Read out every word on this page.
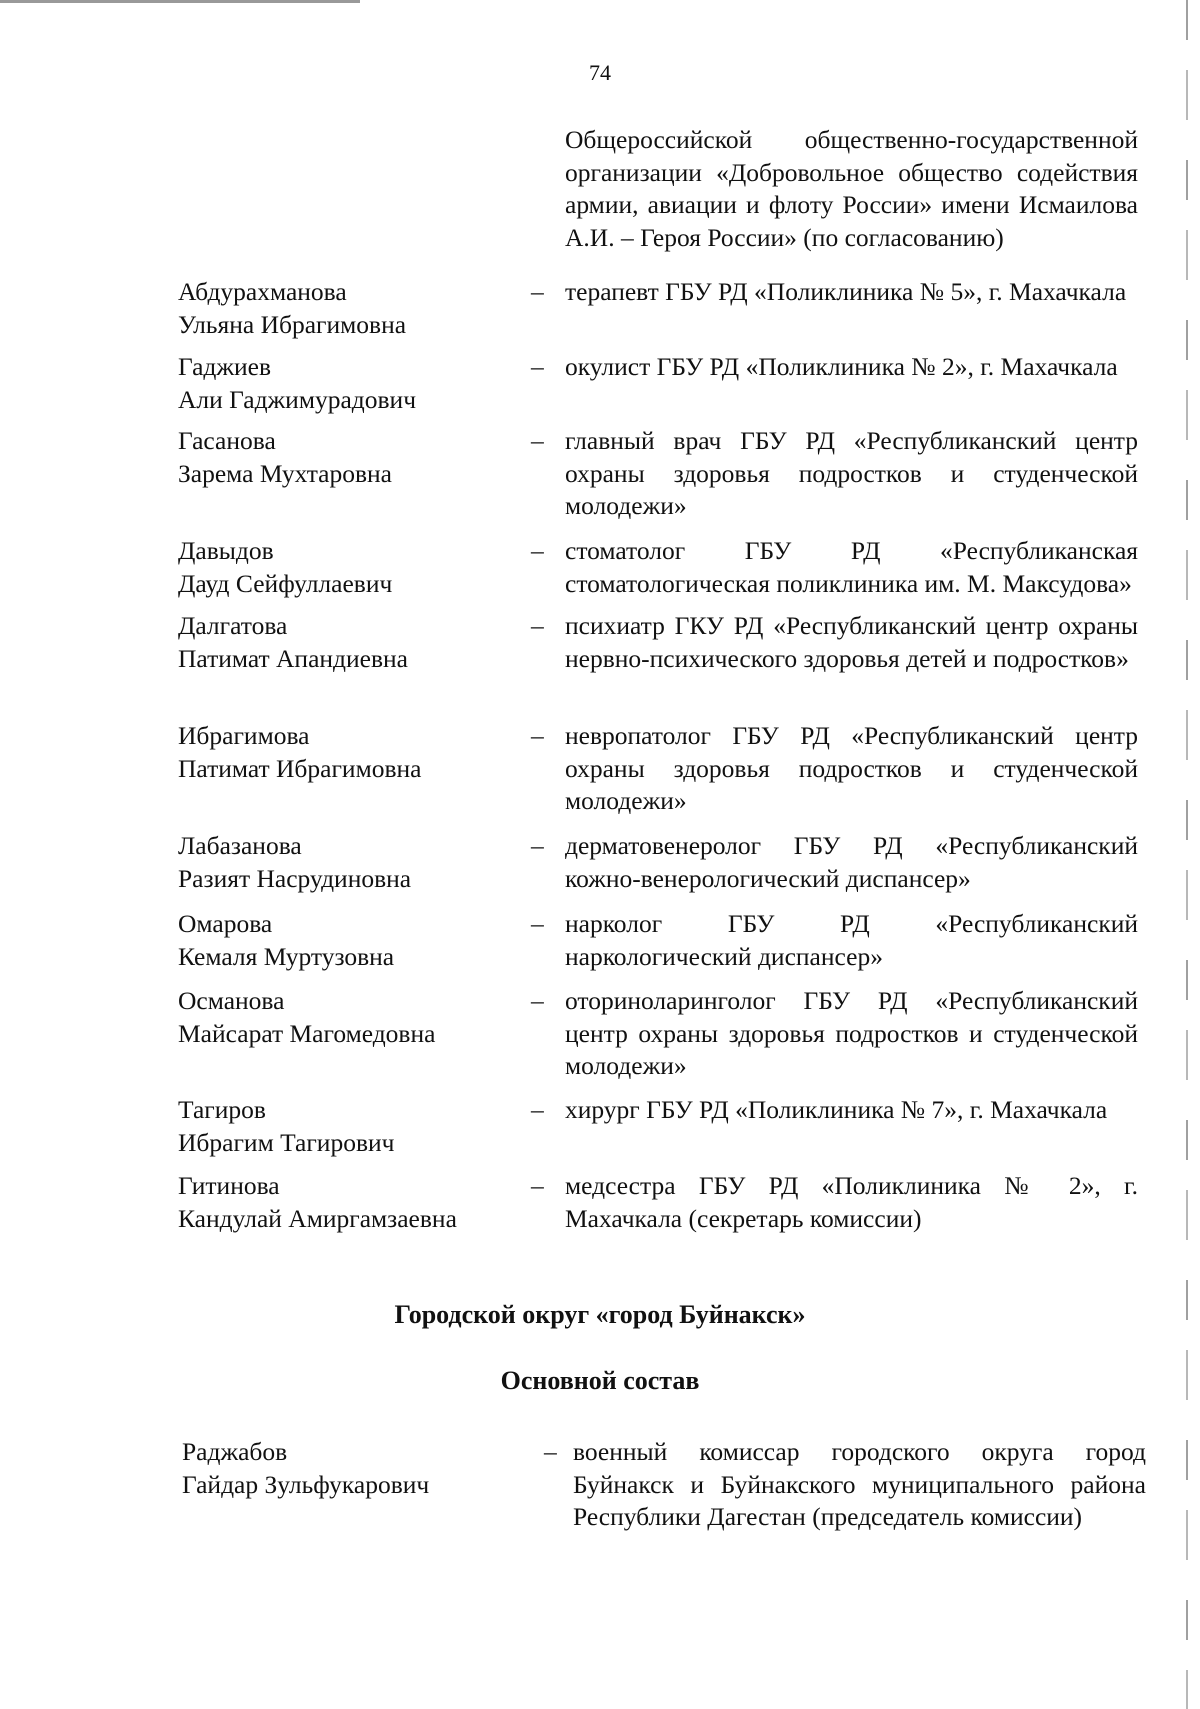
74
Общероссийской общественно-государственной организации «Добровольное общество содействия армии, авиации и флоту России» имени Исмаилова А.И. – Героя России» (по согласованию)
Абдурахманова
Ульяна Ибрагимовна
– терапевт ГБУ РД «Поликлиника № 5», г. Махачкала
Гаджиев
Али Гаджимурадович
– окулист ГБУ РД «Поликлиника № 2», г. Махачкала
Гасанова
Зарема Мухтаровна
– главный врач ГБУ РД «Республиканский центр охраны здоровья подростков и студенческой молодежи»
Давыдов
Дауд Сейфуллаевич
– стоматолог ГБУ РД «Республиканская стоматологическая поликлиника им. М. Максудова»
Далгатова
Патимат Апандиевна
– психиатр ГКУ РД «Республиканский центр охраны нервно-психического здоровья детей и подростков»
Ибрагимова
Патимат Ибрагимовна
– невропатолог ГБУ РД «Республиканский центр охраны здоровья подростков и студенческой молодежи»
Лабазанова
Разият Насрудиновна
– дерматовенеролог ГБУ РД «Республиканский кожно-венерологический диспансер»
Омарова
Кемаля Муртузовна
– нарколог ГБУ РД «Республиканский наркологический диспансер»
Османова
Майсарат Магомедовна
– оториноларинголог ГБУ РД «Республиканский центр охраны здоровья подростков и студенческой молодежи»
Тагиров
Ибрагим Тагирович
– хирург ГБУ РД «Поликлиника № 7», г. Махачкала
Гитинова
Кандулай Амиргамзаевна
– медсестра ГБУ РД «Поликлиника № 2», г. Махачкала (секретарь комиссии)
Городской округ «город Буйнакск»
Основной состав
Раджабов
Гайдар Зульфукарович
– военный комиссар городского округа город Буйнакск и Буйнакского муниципального района Республики Дагестан (председатель комиссии)
